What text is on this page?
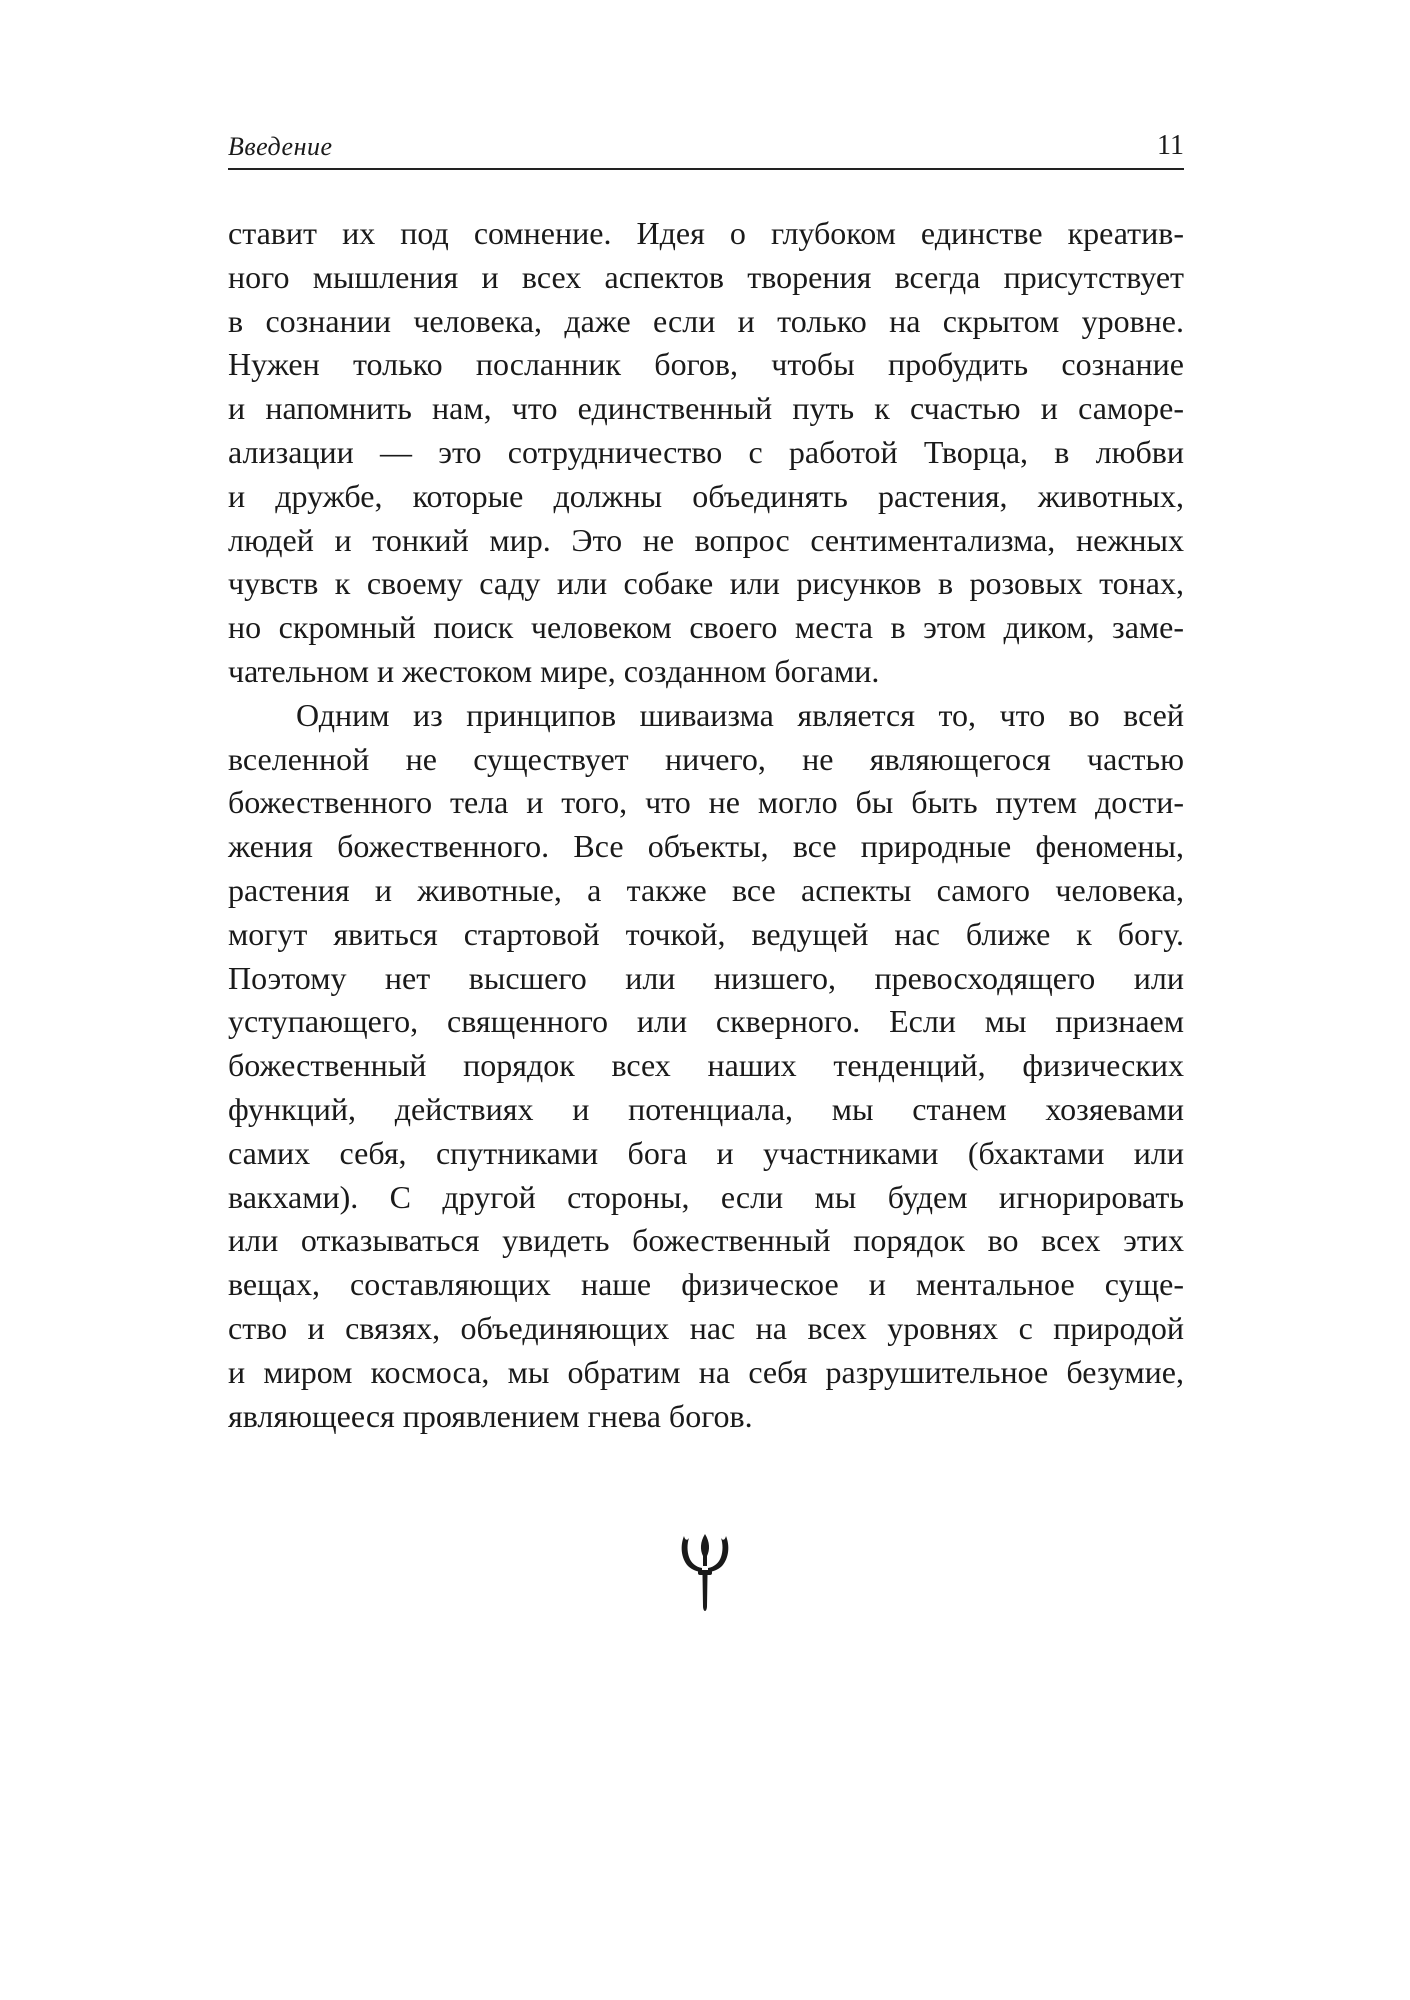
Введение	11
ставит их под сомнение. Идея о глубоком единстве креатив-
ного мышления и всех аспектов творения всегда присутствует
в сознании человека, даже если и только на скрытом уровне.
Нужен только посланник богов, чтобы пробудить сознание
и напомнить нам, что единственный путь к счастью и саморе-
ализации — это сотрудничество с работой Творца, в любви
и дружбе, которые должны объединять растения, животных,
людей и тонкий мир. Это не вопрос сентиментализма, нежных
чувств к своему саду или собаке или рисунков в розовых тонах,
но скромный поиск человеком своего места в этом диком, заме-
чательном и жестоком мире, созданном богами.
Одним из принципов шиваизма является то, что во всей
вселенной не существует ничего, не являющегося частью
божественного тела и того, что не могло бы быть путем дости-
жения божественного. Все объекты, все природные феномены,
растения и животные, а также все аспекты самого человека,
могут явиться стартовой точкой, ведущей нас ближе к богу.
Поэтому нет высшего или низшего, превосходящего или
уступающего, священного или скверного. Если мы признаем
божественный порядок всех наших тенденций, физических
функций, действиях и потенциала, мы станем хозяевами
самих себя, спутниками бога и участниками (бхактами или
вакхами). С другой стороны, если мы будем игнорировать
или отказываться увидеть божественный порядок во всех этих
вещах, составляющих наше физическое и ментальное суще-
ство и связях, объединяющих нас на всех уровнях с природой
и миром космоса, мы обратим на себя разрушительное безумие,
являющееся проявлением гнева богов.
